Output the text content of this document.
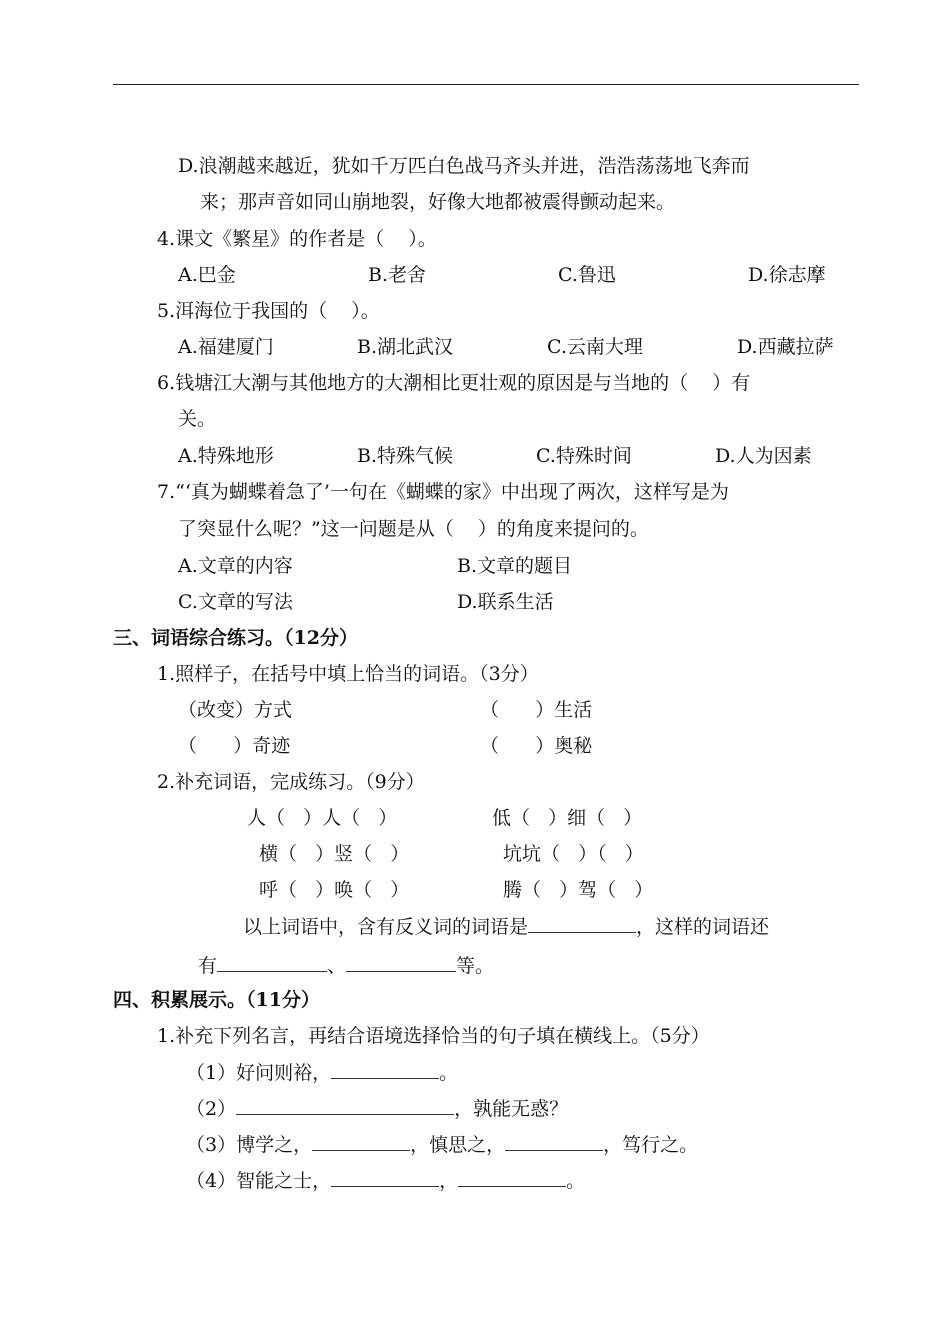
D.浪潮越来越近，犹如千万匹白色战马齐头并进，浩浩荡荡地飞奔而
来；那声音如同山崩地裂，好像大地都被震得颤动起来。
4.课文《繁星》的作者是（    ）。
A.巴金	B.老舍	C.鲁迅	D.徐志摩
5.洱海位于我国的（    ）。
A.福建厦门	B.湖北武汉	C.云南大理	D.西藏拉萨
6.钱塘江大潮与其他地方的大潮相比更壮观的原因是与当地的（    ）有
关。
A.特殊地形	B.特殊气候	C.特殊时间	D.人为因素
7.“‘真为蝴蝶着急了’一句在《蝴蝶的家》中出现了两次，这样写是为
了突显什么呢？”这一问题是从（    ）的角度来提问的。
A.文章的内容	B.文章的题目
C.文章的写法	D.联系生活
三、词语综合练习。（12分）
1.照样子，在括号中填上恰当的词语。（3分）
（改变）方式	（      ）生活
（      ）奇迹	（      ）奥秘
2.补充词语，完成练习。（9分）
人（   ）人（   ）	低（   ）细（   ）
横（   ）竖（   ）	坑坑（   ）（   ）
呼（   ）唤（   ）	腾（   ）驾（   ）
以上词语中，含有反义词的词语是	，这样的词语还
有	、	等。
四、积累展示。（11分）
1.补充下列名言，再结合语境选择恰当的句子填在横线上。（5分）
（1）好问则裕，	。
（2）	，孰能无惑？
（3）博学之，	，慎思之，	，笃行之。
（4）智能之士，	，	。
